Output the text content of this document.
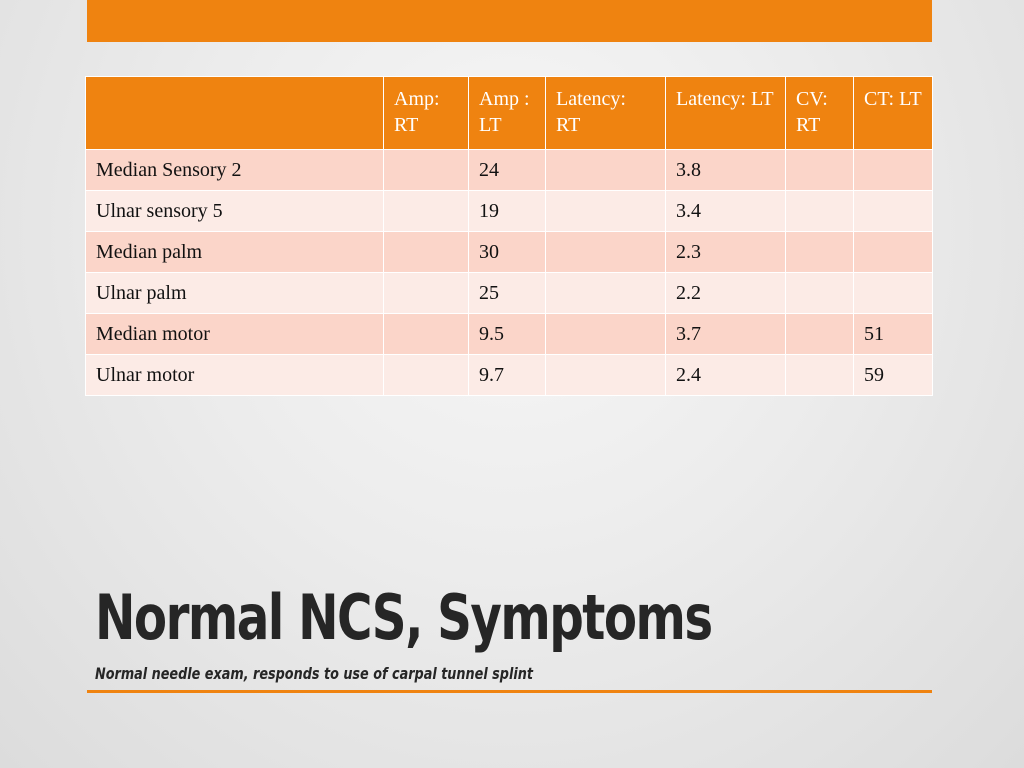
	Amp: RT	Amp : LT	Latency: RT	Latency: LT	CV: RT	CT: LT
Median Sensory 2		24		3.8		
Ulnar sensory 5		19		3.4		
Median palm		30		2.3		
Ulnar palm		25		2.2		
Median motor		9.5		3.7		51
Ulnar motor		9.7		2.4		59
Normal NCS, Symptoms

Normal needle exam, responds to use of carpal tunnel splint
